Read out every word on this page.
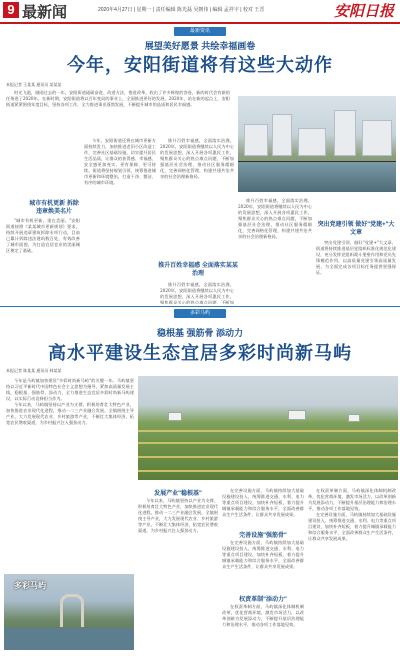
9 最新闻	2020年4月27日 | 星期一 | 责任编辑 陈光磊 吴朝伟 | 编辑 孟祥宇 | 校对 王晋	安阳日报
最新资讯
展望美好愿景 共绘幸福画卷
今年，安阳街道将有这些大动作
本报记者 王某某 通讯员 某某某

时光飞逝，刚刚过去的一年，安阳街道砥砺奋进、改进方法，推进改革，收出了许多辉煌的答卷，新的时代会有新的任务进了2020年，在新时期，安阳街道将以百年变局的事业上，全面推进更好的发展。2020年，站在新的起点上，安阳街道紧紧围绕年度目标，坚持各项工作，全力推进事业蓬勃发展，不断提升城市的品质和居民幸福感。

城市有机更新 拆除违章焕美名片

"城市有机更新，重在美丽。"安阳街道按照《某某城市更新规划》要求，持续开展违章建筑拆除专项行动，目前已累计拆除违法建筑数百处，有效改善了城市面貌，为打造宜居宜业的美丽城区奠定了基础。

今年，安阳街道还将在城市更新方面持续发力，加快推进老旧小区改造工作，完善社区基础设施，切实提升居民生活品质，让群众的获得感、幸福感、安全感更加充实、更有保障、更可持续。街道将坚持规划引领，统筹推进城市更新和环境整治，打造干净、整洁、有序的城市环境。

推升百姓幸福感，全面落实治理。2020年，安阳街道将继续以人民为中心的发展思想，深入开展各项惠民工作，聚焦群众关心的热点难点问题，不断加强基层社会治理，推动社区服务精细化，完善网格化管理，构建共建共治共享的社会治理新格局。

推升百姓幸福感 全面落实某某治理

推升百姓幸福感，全面落实治理。2020年，安阳街道将继续以人民为中心的发展思想，深入开展各项惠民工作，聚焦群众关心的热点难点问题，不断加

推升百姓幸福感，全面落实治理。2020年，安阳街道将继续以人民为中心的发展思想，深入开展各项惠民工作，聚焦群众关心的热点难点问题，不断加强基层社会治理，推动社区服务精细化，完善网格化管理，构建共建共治共享的社会治理新格局。

突出党建引领 做好"党建+"大文章

突出党建引领，做好"党建+"大文章。街道将持续推进基层党组织标准化规范化建设，充分发挥党组织战斗堡垒作用和党员先锋模范作用，以高质量党建引领高质量发展，为全面完成各项目标任务提供坚强保证。

多彩马屿
稳根基 强筋骨 添动力
高水平建设生态宜居多彩时尚新马屿
本报记者 陈某某 通讯员 林某某

今年是马屿镇加快建设"多彩时尚新马屿"的关键一年。马屿镇坚持以习近平新时代中国特色社会主义思想为指导，紧扣高质量发展主线，稳根基、强筋骨、添动力，全力推进生态宜居多彩时尚新马屿建设，以实际行动诠释担当作为。

今年以来，马屿镇坚持以产业为支撑，积极培育壮大特色产业，加快推进农业现代化进程，推动一二三产业融合发展。全镇围绕主导产业，大力发展现代农业、乡村旅游等产业，不断壮大集体经济，拓宽农民增收渠道，为乡村振兴注入强劲动力。

发展产业"稳根基"

今年以来，马屿镇坚持以产业为支撑，积极培育壮大特色产业，加快推进农业现代化进程，推动一二三产业融合发展。全镇围绕主导产业，大力发展现代农业、乡村旅游等产业，不断壮大集体经济，拓宽农民增收渠道，为乡村振兴注入强劲动力。

在完善设施方面，马屿镇持续加大基础设施建设投入，统筹推进交通、水利、电力等重点项目建设，加快补齐短板，着力提升城镇承载能力和综合服务水平，全面改善群众生产生活条件，让群众共享发展成果。

完善设施"强筋骨"

在完善设施方面，马屿镇持续加大基础设施建设投入，统筹推进交通、水利、电力等重点项目建设，加快补齐短板，着力提升城镇承载能力和综合服务水平，全面改善群众生产生活条件，让群众共享发展成果。

权责革制"添动力"

在权责革制方面，马屿镇深化体制机制改革，优化营商环境，激发市场活力，以改革创新为发展添动力，不断提升基层治理能力和治理水平，推动各项工作落地见效。

在权责革制方面，马屿镇深化体制机制改革，优化营商环境，激发市场活力，以改革创新为发展添动力，不断提升基层治理能力和治理水平，推动各项工作落地见效。

在完善设施方面，马屿镇持续加大基础设施建设投入，统筹推进交通、水利、电力等重点项目建设，加快补齐短板，着力提升城镇承载能力和综合服务水平，全面改善群众生产生活条件，让群众共享发展成果。

多彩马屿
